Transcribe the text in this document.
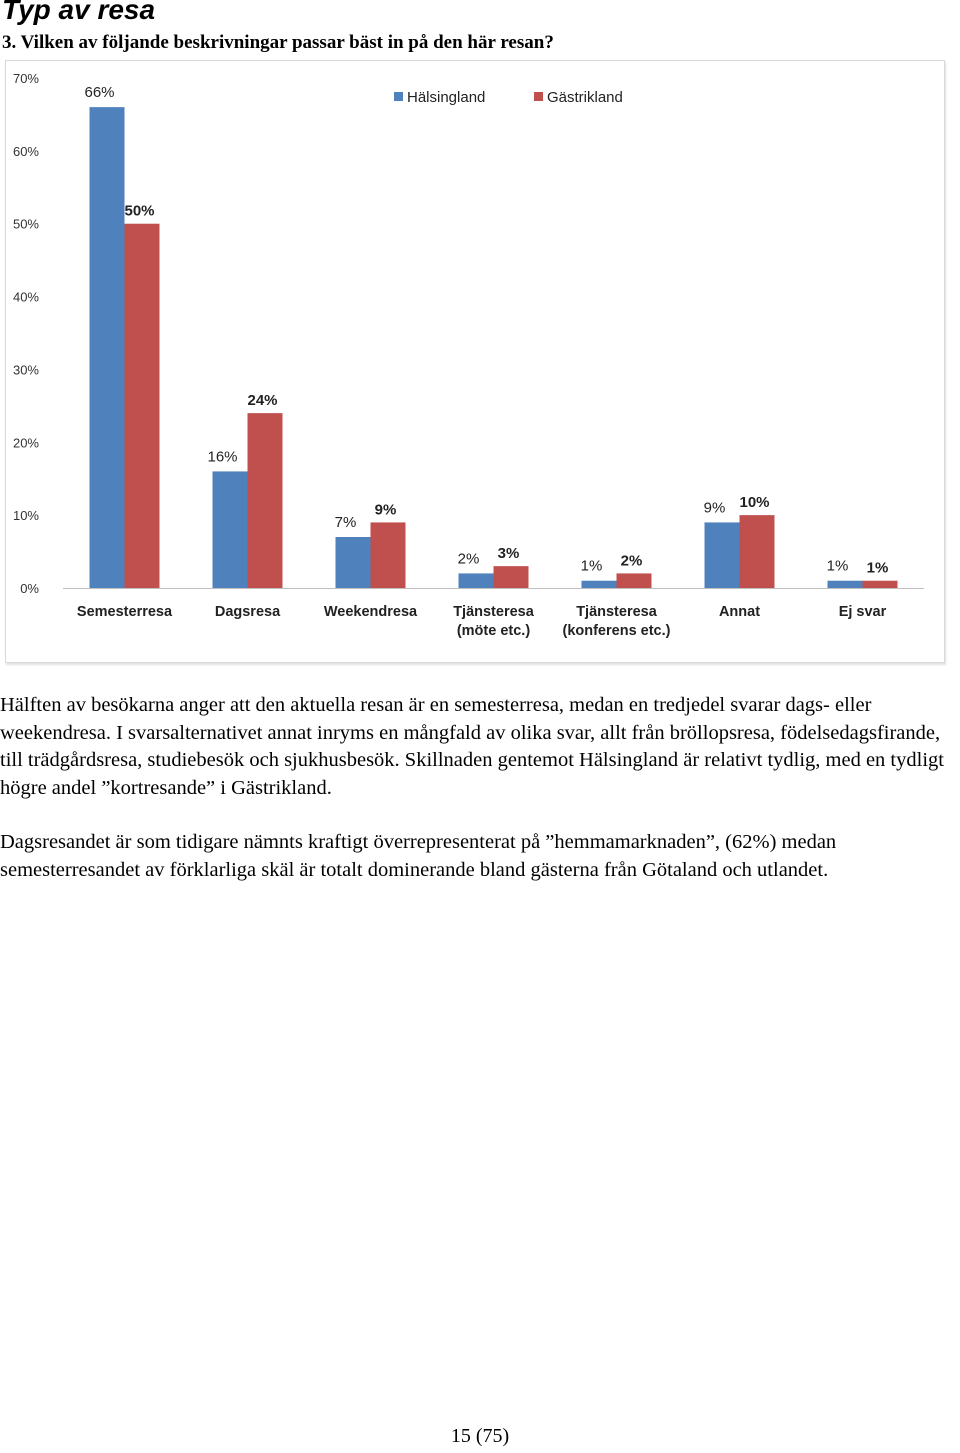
Typ av resa

3. Vilken av följande beskrivningar passar bäst in på den här resan?

0%
10%
20%
30%
40%
50%
60%
70%
66%
50%
Semesterresa
16%
24%
Dagsresa
7%
9%
Weekendresa
2% 3%
Tjänsteresa
(möte etc.)
1% 2%
Tjänsteresa
(konferens etc.)
9% 10%
Annat
1% 1%
Ej svar
Hälsingland	Gästrikland

Hälften av besökarna anger att den aktuella resan är en semesterresa, medan en tredjedel svarar dags- eller weekendresa. I svarsalternativet annat inryms en mångfald av olika svar, allt från bröllopsresa, födelsedagsfirande, till trädgårdsresa, studiebesök och sjukhusbesök. Skillnaden gentemot Hälsingland är relativt tydlig, med en tydligt högre andel ”kortresande” i Gästrikland.

Dagsresandet är som tidigare nämnts kraftigt överrepresenterat på ”hemmamarknaden”, (62%) medan semesterresandet av förklarliga skäl är totalt dominerande bland gästerna från Götaland och utlandet.

15 (75)
